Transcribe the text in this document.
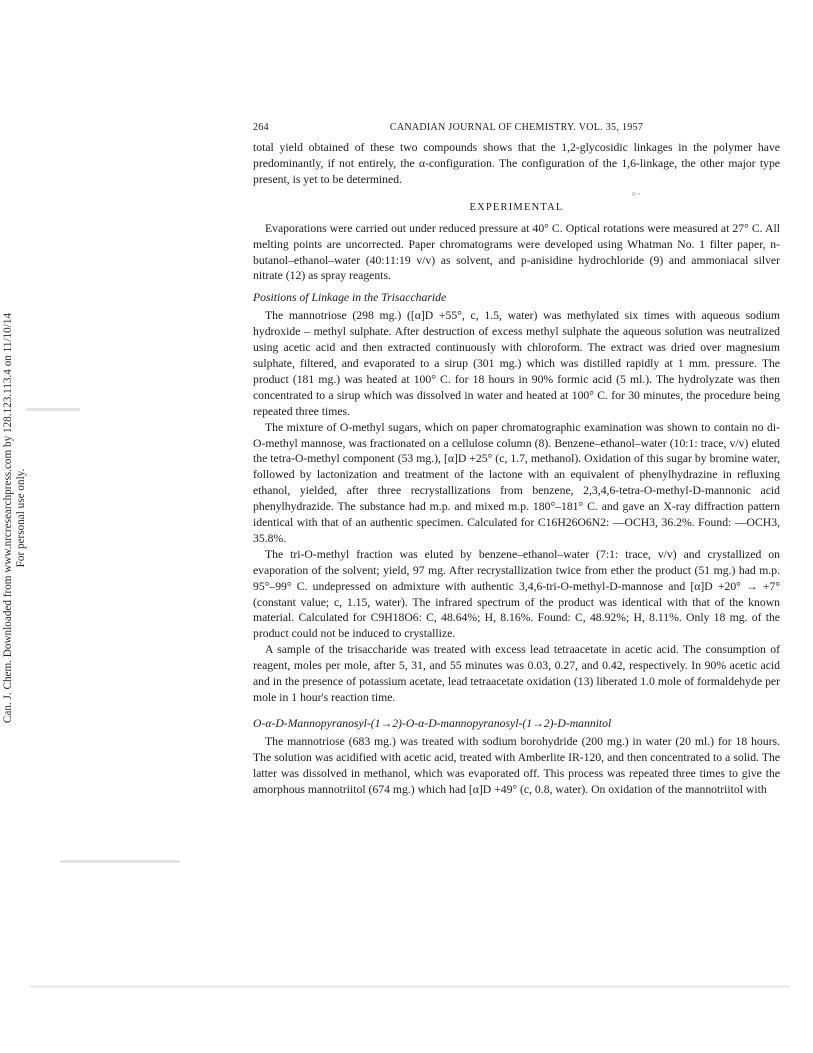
Can. J. Chem. Downloaded from www.nrcresearchpress.com by 128.123.113.4 on 11/10/14 For personal use only.
264	CANADIAN JOURNAL OF CHEMISTRY. VOL. 35, 1957

total yield obtained of these two compounds shows that the 1,2-glycosidic linkages in the polymer have predominantly, if not entirely, the α-configuration. The configuration of the 1,6-linkage, the other major type present, is yet to be determined.

○ ◦
EXPERIMENTAL

Evaporations were carried out under reduced pressure at 40° C. Optical rotations were measured at 27° C. All melting points are uncorrected. Paper chromatograms were developed using Whatman No. 1 filter paper, n-butanol–ethanol–water (40:11:19 v/v) as solvent, and p-anisidine hydrochloride (9) and ammoniacal silver nitrate (12) as spray reagents.

Positions of Linkage in the Trisaccharide

The mannotriose (298 mg.) ([α]D +55°, c, 1.5, water) was methylated six times with aqueous sodium hydroxide – methyl sulphate. After destruction of excess methyl sulphate the aqueous solution was neutralized using acetic acid and then extracted continuously with chloroform. The extract was dried over magnesium sulphate, filtered, and evaporated to a sirup (301 mg.) which was distilled rapidly at 1 mm. pressure. The product (181 mg.) was heated at 100° C. for 18 hours in 90% formic acid (5 ml.). The hydrolyzate was then concentrated to a sirup which was dissolved in water and heated at 100° C. for 30 minutes, the procedure being repeated three times.

The mixture of O-methyl sugars, which on paper chromatographic examination was shown to contain no di-O-methyl mannose, was fractionated on a cellulose column (8). Benzene–ethanol–water (10:1: trace, v/v) eluted the tetra-O-methyl component (53 mg.), [α]D +25° (c, 1.7, methanol). Oxidation of this sugar by bromine water, followed by lactonization and treatment of the lactone with an equivalent of phenylhydrazine in refluxing ethanol, yielded, after three recrystallizations from benzene, 2,3,4,6-tetra-O-methyl-D-mannonic acid phenylhydrazide. The substance had m.p. and mixed m.p. 180°–181° C. and gave an X-ray diffraction pattern identical with that of an authentic specimen. Calculated for C16H26O6N2: —OCH3, 36.2%. Found: —OCH3, 35.8%.

The tri-O-methyl fraction was eluted by benzene–ethanol–water (7:1: trace, v/v) and crystallized on evaporation of the solvent; yield, 97 mg. After recrystallization twice from ether the product (51 mg.) had m.p. 95°–99° C. undepressed on admixture with authentic 3,4,6-tri-O-methyl-D-mannose and [α]D +20° → +7° (constant value; c, 1.15, water). The infrared spectrum of the product was identical with that of the known material. Calculated for C9H18O6: C, 48.64%; H, 8.16%. Found: C, 48.92%; H, 8.11%. Only 18 mg. of the product could not be induced to crystallize.

A sample of the trisaccharide was treated with excess lead tetraacetate in acetic acid. The consumption of reagent, moles per mole, after 5, 31, and 55 minutes was 0.03, 0.27, and 0.42, respectively. In 90% acetic acid and in the presence of potassium acetate, lead tetraacetate oxidation (13) liberated 1.0 mole of formaldehyde per mole in 1 hour's reaction time.

O-α-D-Mannopyranosyl-(1→2)-O-α-D-mannopyranosyl-(1→2)-D-mannitol

The mannotriose (683 mg.) was treated with sodium borohydride (200 mg.) in water (20 ml.) for 18 hours. The solution was acidified with acetic acid, treated with Amberlite IR-120, and then concentrated to a solid. The latter was dissolved in methanol, which was evaporated off. This process was repeated three times to give the amorphous mannotriitol (674 mg.) which had [α]D +49° (c, 0.8, water). On oxidation of the mannotriitol with
